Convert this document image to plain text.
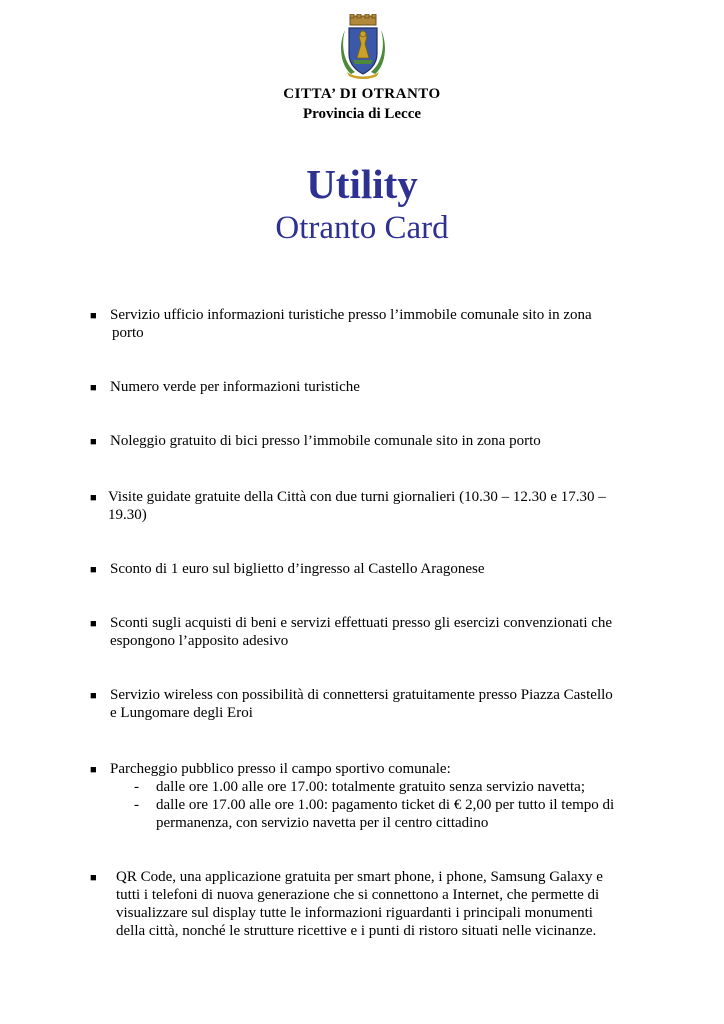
CITTA’ DI OTRANTO
Provincia di Lecce
Utility
Otranto Card
■ Servizio ufficio informazioni turistiche presso l’immobile comunale sito in zona
porto
■ Numero verde per informazioni turistiche
■ Noleggio gratuito di bici presso l’immobile comunale sito in zona porto
■ Visite guidate gratuite della Città con due turni giornalieri (10.30 – 12.30 e 17.30 –
19.30)
■ Sconto di 1 euro sul biglietto d’ingresso al Castello Aragonese
■ Sconti sugli acquisti di beni e servizi effettuati presso gli esercizi convenzionati che
espongono l’apposito adesivo
■ Servizio wireless con possibilità di connettersi gratuitamente presso Piazza Castello
e Lungomare degli Eroi
■ Parcheggio pubblico presso il campo sportivo comunale:
- dalle ore 1.00 alle ore 17.00: totalmente gratuito senza servizio navetta;
- dalle ore 17.00 alle ore 1.00: pagamento ticket di € 2,00 per tutto il tempo di
permanenza, con servizio navetta per il centro cittadino
■ QR Code, una applicazione gratuita per smart phone, i phone, Samsung Galaxy e
tutti i telefoni di nuova generazione che si connettono a Internet, che permette di
visualizzare sul display tutte le informazioni riguardanti i principali monumenti
della città, nonché le strutture ricettive e i punti di ristoro situati nelle vicinanze.
